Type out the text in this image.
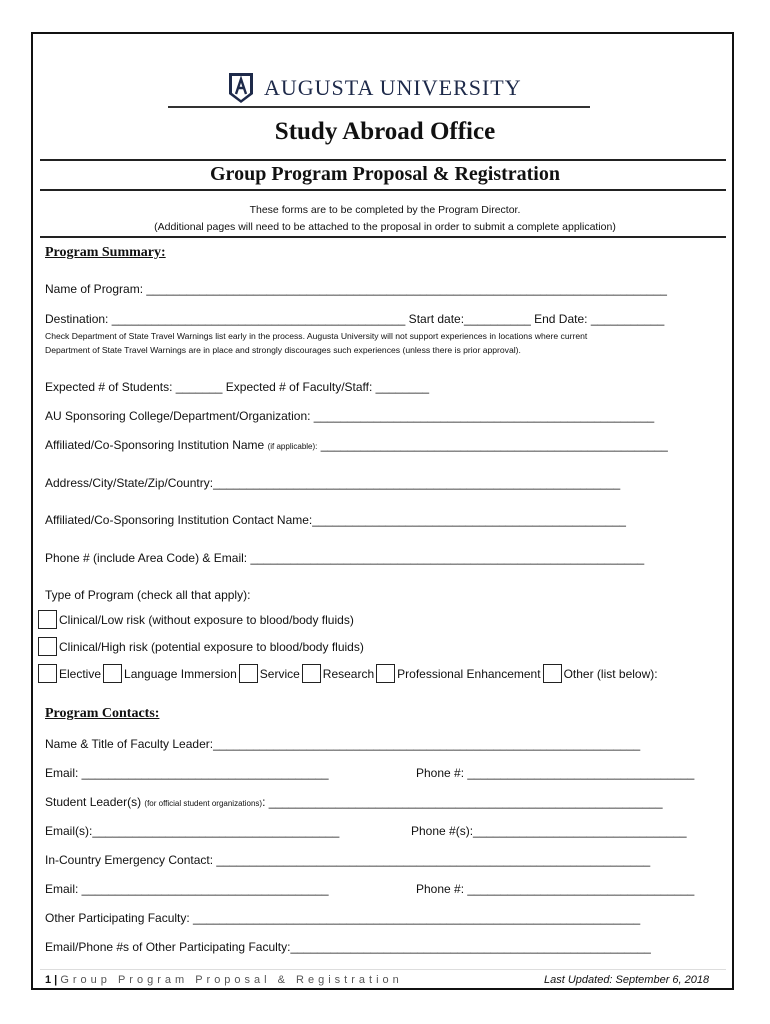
AUGUSTA UNIVERSITY
Study Abroad Office
Group Program Proposal & Registration
These forms are to be completed by the Program Director.
(Additional pages will need to be attached to the proposal in order to submit a complete application)
Program Summary:
Name of Program: ______________________________________________________________________________
Destination: ____________________________________________ Start date:__________ End Date: ___________
Check Department of State Travel Warnings list early in the process. Augusta University will not support experiences in locations where current
Department of State Travel Warnings are in place and strongly discourages such experiences (unless there is prior approval).
Expected # of Students: _______ Expected # of Faculty/Staff: ________
AU Sponsoring College/Department/Organization: ___________________________________________________
Affiliated/Co-Sponsoring Institution Name (if applicable): ____________________________________________________
Address/City/State/Zip/Country:_____________________________________________________________
Affiliated/Co-Sponsoring Institution Contact Name:_______________________________________________
Phone # (include Area Code) & Email: ___________________________________________________________
Type of Program (check all that apply):
Clinical/Low risk (without exposure to blood/body fluids)
Clinical/High risk (potential exposure to blood/body fluids)
Elective Language Immersion Service Research Professional Enhancement Other (list below):
Program Contacts:
Name & Title of Faculty Leader:________________________________________________________________
Email: _____________________________________	Phone #: __________________________________
Student Leader(s) (for official student organizations): ___________________________________________________________
Email(s):_____________________________________	Phone #(s):________________________________
In-Country Emergency Contact: _________________________________________________________________
Email: _____________________________________	Phone #: __________________________________
Other Participating Faculty: ___________________________________________________________________
Email/Phone #s of Other Participating Faculty:______________________________________________________
1 | Group Program Proposal & Registration	Last Updated: September 6, 2018
